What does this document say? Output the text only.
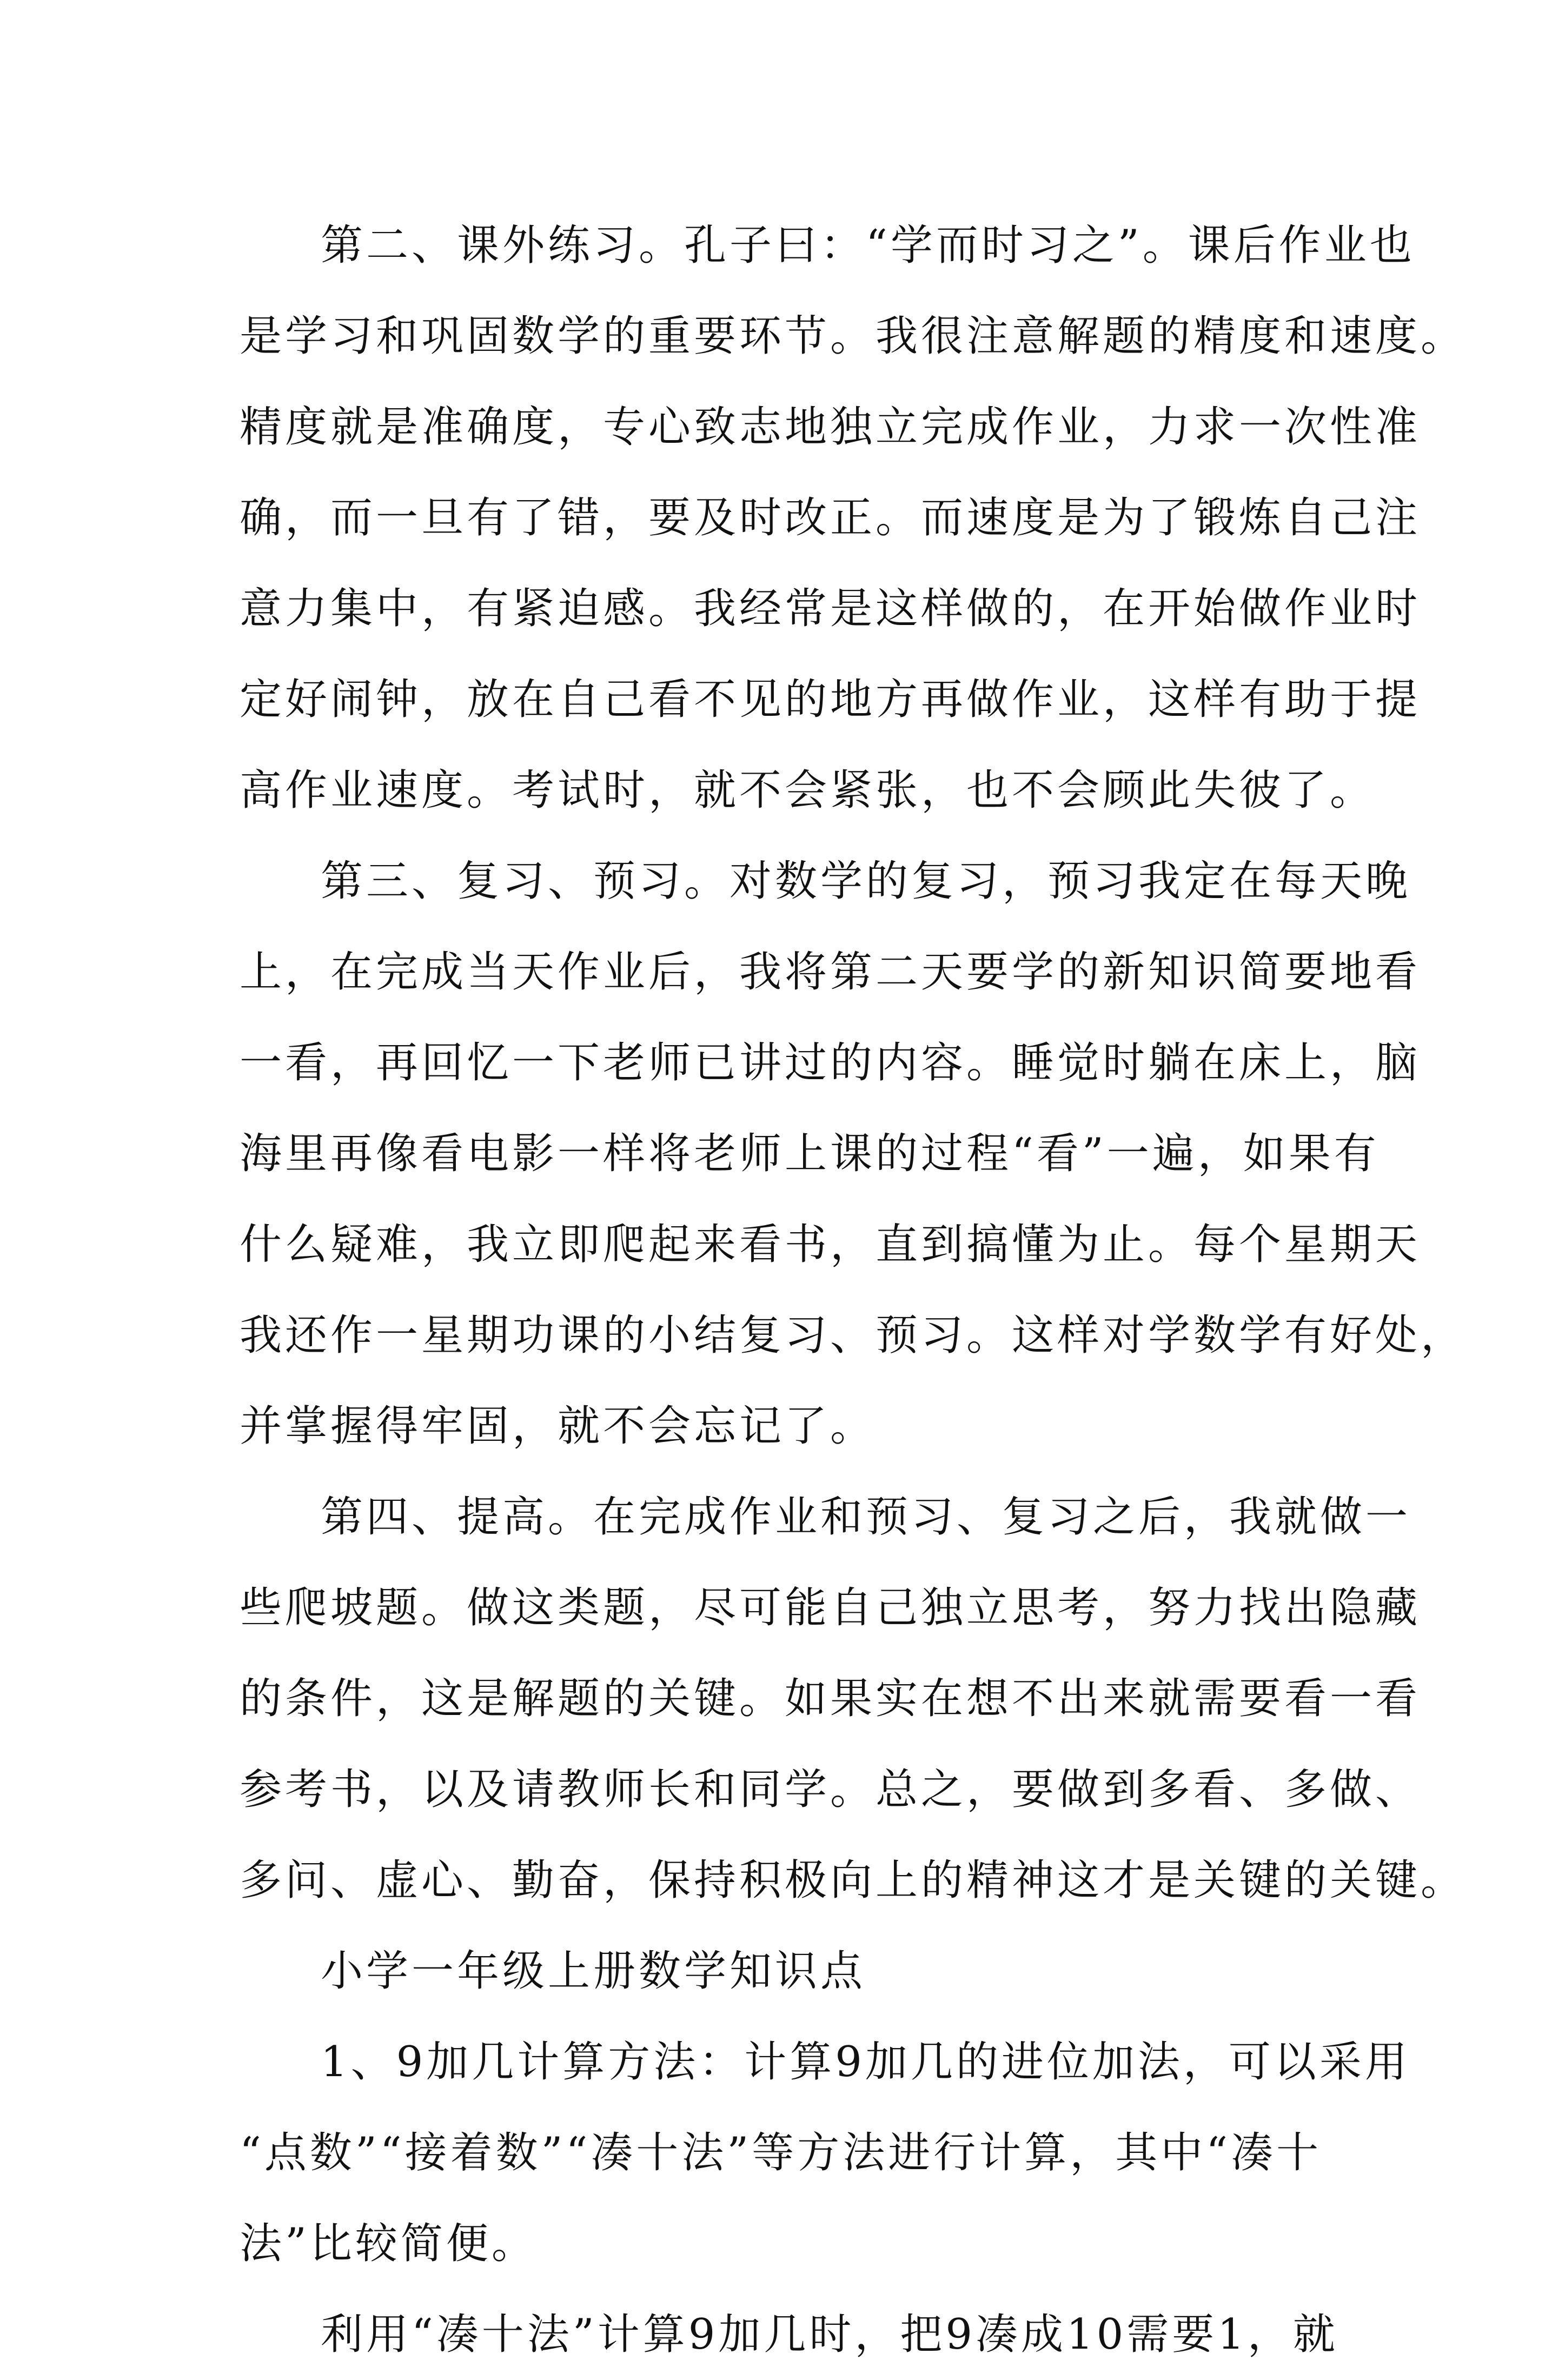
第二、课外练习。孔子曰：“学而时习之”。课后作业也
是学习和巩固数学的重要环节。我很注意解题的精度和速度。
精度就是准确度，专心致志地独立完成作业，力求一次性准
确，而一旦有了错，要及时改正。而速度是为了锻炼自己注
意力集中，有紧迫感。我经常是这样做的，在开始做作业时
定好闹钟，放在自己看不见的地方再做作业，这样有助于提
高作业速度。考试时，就不会紧张，也不会顾此失彼了。
第三、复习、预习。对数学的复习，预习我定在每天晚
上，在完成当天作业后，我将第二天要学的新知识简要地看
一看，再回忆一下老师已讲过的内容。睡觉时躺在床上，脑
海里再像看电影一样将老师上课的过程“看”一遍，如果有
什么疑难，我立即爬起来看书，直到搞懂为止。每个星期天
我还作一星期功课的小结复习、预习。这样对学数学有好处，
并掌握得牢固，就不会忘记了。
第四、提高。在完成作业和预习、复习之后，我就做一
些爬坡题。做这类题，尽可能自己独立思考，努力找出隐藏
的条件，这是解题的关键。如果实在想不出来就需要看一看
参考书，以及请教师长和同学。总之，要做到多看、多做、
多问、虚心、勤奋，保持积极向上的精神这才是关键的关键。
小学一年级上册数学知识点
1、9加几计算方法：计算9加几的进位加法，可以采用
“点数”“接着数”“凑十法”等方法进行计算，其中“凑十
法”比较简便。
利用“凑十法”计算9加几时，把9凑成10需要1，就
